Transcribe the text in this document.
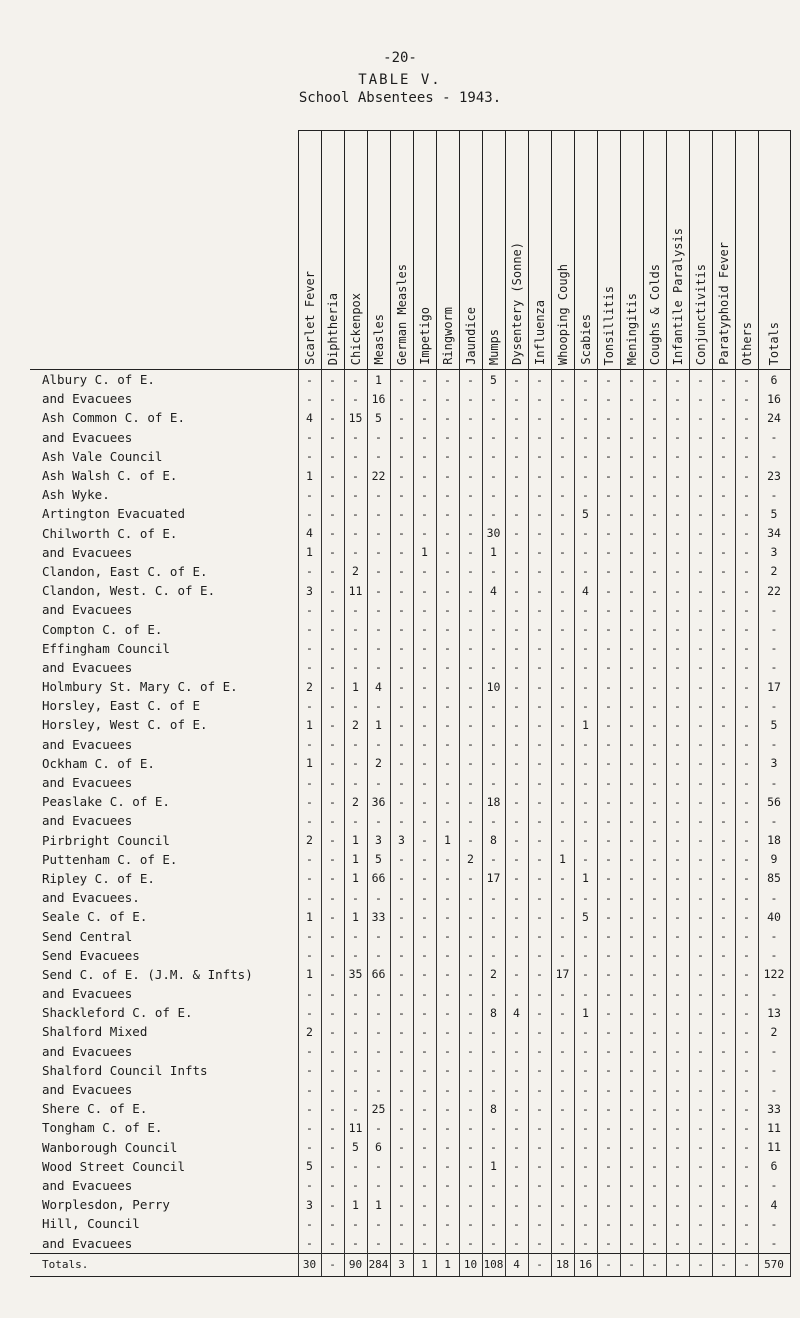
-20-
TABLE V.
School Absentees - 1943.

	Scarlet Fever	Diphtheria	Chickenpox	Measles	German Measles	Impetigo	Ringworm	Jaundice	Mumps	Dysentery (Sonne)	Influenza	Whooping Cough	Scabies	Tonsillitis	Meningitis	Coughs & Colds	Infantile Paralysis	Conjunctivitis	Paratyphoid Fever	Others	Totals

Albury C. of E.	-	-	-	1	-	-	-	-	5	-	-	-	-	-	-	-	-	-	-	-	6
and Evacuees	-	-	-	16	-	-	-	-	-	-	-	-	-	-	-	-	-	-	-	-	16
Ash Common C. of E.	4	-	15	5	-	-	-	-	-	-	-	-	-	-	-	-	-	-	-	-	24
and Evacuees	-	-	-	-	-	-	-	-	-	-	-	-	-	-	-	-	-	-	-	-	-
Ash Vale Council	-	-	-	-	-	-	-	-	-	-	-	-	-	-	-	-	-	-	-	-	-
Ash Walsh C. of E.	1	-	-	22	-	-	-	-	-	-	-	-	-	-	-	-	-	-	-	-	23
Ash Wyke.	-	-	-	-	-	-	-	-	-	-	-	-	-	-	-	-	-	-	-	-	-
Artington Evacuated	-	-	-	-	-	-	-	-	-	-	-	-	5	-	-	-	-	-	-	-	5
Chilworth C. of E.	4	-	-	-	-	-	-	-	30	-	-	-	-	-	-	-	-	-	-	-	34
and Evacuees	1	-	-	-	-	1	-	-	1	-	-	-	-	-	-	-	-	-	-	-	3
Clandon, East C. of E.	-	-	2	-	-	-	-	-	-	-	-	-	-	-	-	-	-	-	-	-	2
Clandon, West. C. of E.	3	-	11	-	-	-	-	-	4	-	-	-	4	-	-	-	-	-	-	-	22
and Evacuees	-	-	-	-	-	-	-	-	-	-	-	-	-	-	-	-	-	-	-	-	-
Compton C. of E.	-	-	-	-	-	-	-	-	-	-	-	-	-	-	-	-	-	-	-	-	-
Effingham Council	-	-	-	-	-	-	-	-	-	-	-	-	-	-	-	-	-	-	-	-	-
and Evacuees	-	-	-	-	-	-	-	-	-	-	-	-	-	-	-	-	-	-	-	-	-
Holmbury St. Mary C. of E.	2	-	1	4	-	-	-	-	10	-	-	-	-	-	-	-	-	-	-	-	17
Horsley, East C. of E	-	-	-	-	-	-	-	-	-	-	-	-	-	-	-	-	-	-	-	-	-
Horsley, West C. of E.	1	-	2	1	-	-	-	-	-	-	-	-	1	-	-	-	-	-	-	-	5
and Evacuees	-	-	-	-	-	-	-	-	-	-	-	-	-	-	-	-	-	-	-	-	-
Ockham C. of E.	1	-	-	2	-	-	-	-	-	-	-	-	-	-	-	-	-	-	-	-	3
and Evacuees	-	-	-	-	-	-	-	-	-	-	-	-	-	-	-	-	-	-	-	-	-
Peaslake C. of E.	-	-	2	36	-	-	-	-	18	-	-	-	-	-	-	-	-	-	-	-	56
and Evacuees	-	-	-	-	-	-	-	-	-	-	-	-	-	-	-	-	-	-	-	-	-
Pirbright Council	2	-	1	3	3	-	1	-	8	-	-	-	-	-	-	-	-	-	-	-	18
Puttenham C. of E.	-	-	1	5	-	-	-	2	-	-	-	1	-	-	-	-	-	-	-	-	9
Ripley C. of E.	-	-	1	66	-	-	-	-	17	-	-	-	1	-	-	-	-	-	-	-	85
and Evacuees.	-	-	-	-	-	-	-	-	-	-	-	-	-	-	-	-	-	-	-	-	-
Seale C. of E.	1	-	1	33	-	-	-	-	-	-	-	-	5	-	-	-	-	-	-	-	40
Send Central	-	-	-	-	-	-	-	-	-	-	-	-	-	-	-	-	-	-	-	-	-
Send Evacuees	-	-	-	-	-	-	-	-	-	-	-	-	-	-	-	-	-	-	-	-	-
Send C. of E. (J.M. & Infts)	1	-	35	66	-	-	-	-	2	-	-	17	-	-	-	-	-	-	-	-	122
and Evacuees	-	-	-	-	-	-	-	-	-	-	-	-	-	-	-	-	-	-	-	-	-
Shackleford C. of E.	-	-	-	-	-	-	-	-	8	4	-	-	1	-	-	-	-	-	-	-	13
Shalford Mixed	2	-	-	-	-	-	-	-	-	-	-	-	-	-	-	-	-	-	-	-	2
and Evacuees	-	-	-	-	-	-	-	-	-	-	-	-	-	-	-	-	-	-	-	-	-
Shalford Council Infts	-	-	-	-	-	-	-	-	-	-	-	-	-	-	-	-	-	-	-	-	-
and Evacuees	-	-	-	-	-	-	-	-	-	-	-	-	-	-	-	-	-	-	-	-	-
Shere C. of E.	-	-	-	25	-	-	-	-	8	-	-	-	-	-	-	-	-	-	-	-	33
Tongham C. of E.	-	-	11	-	-	-	-	-	-	-	-	-	-	-	-	-	-	-	-	-	11
Wanborough Council	-	-	5	6	-	-	-	-	-	-	-	-	-	-	-	-	-	-	-	-	11
Wood Street Council	5	-	-	-	-	-	-	-	1	-	-	-	-	-	-	-	-	-	-	-	6
and Evacuees	-	-	-	-	-	-	-	-	-	-	-	-	-	-	-	-	-	-	-	-	-
Worplesdon, Perry	3	-	1	1	-	-	-	-	-	-	-	-	-	-	-	-	-	-	-	-	4
Hill, Council	-	-	-	-	-	-	-	-	-	-	-	-	-	-	-	-	-	-	-	-	-
and Evacuees	-	-	-	-	-	-	-	-	-	-	-	-	-	-	-	-	-	-	-	-	-
Totals.	30	-	90	284	3	1	1	10	108	4	-	18	16	-	-	-	-	-	-	-	570
